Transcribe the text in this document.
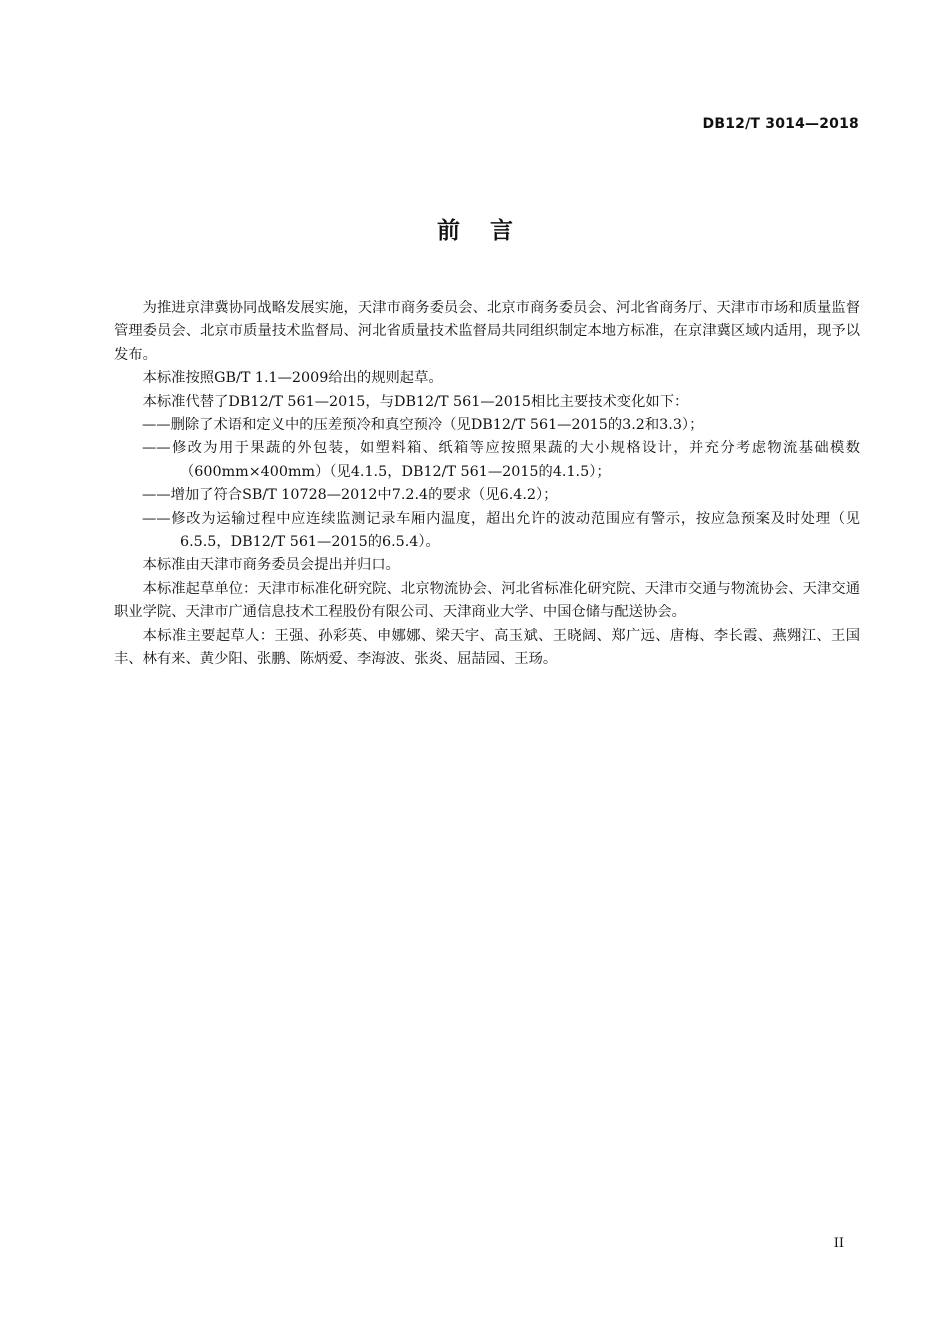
DB12/T 3014—2018
前言

为推进京津冀协同战略发展实施，天津市商务委员会、北京市商务委员会、河北省商务厅、天津市市场和质量监督管理委员会、北京市质量技术监督局、河北省质量技术监督局共同组织制定本地方标准，在京津冀区域内适用，现予以发布。

本标准按照GB/T 1.1—2009给出的规则起草。

本标准代替了DB12/T 561—2015，与DB12/T 561—2015相比主要技术变化如下：

——删除了术语和定义中的压差预冷和真空预冷（见DB12/T 561—2015的3.2和3.3）；

——修改为用于果蔬的外包装，如塑料箱、纸箱等应按照果蔬的大小规格设计，并充分考虑物流基础模数（600mm×400mm）（见4.1.5，DB12/T 561—2015的4.1.5）；

——增加了符合SB/T 10728—2012中7.2.4的要求（见6.4.2）；

——修改为运输过程中应连续监测记录车厢内温度，超出允许的波动范围应有警示，按应急预案及时处理（见6.5.5，DB12/T 561—2015的6.5.4）。

本标准由天津市商务委员会提出并归口。

本标准起草单位：天津市标准化研究院、北京物流协会、河北省标准化研究院、天津市交通与物流协会、天津交通职业学院、天津市广通信息技术工程股份有限公司、天津商业大学、中国仓储与配送协会。

本标准主要起草人：王强、孙彩英、申娜娜、梁天宇、高玉斌、王晓阔、郑广远、唐梅、李长霞、燕翙江、王国丰、林有来、黄少阳、张鹏、陈炳爱、李海波、张炎、屈喆园、王玚。

II
